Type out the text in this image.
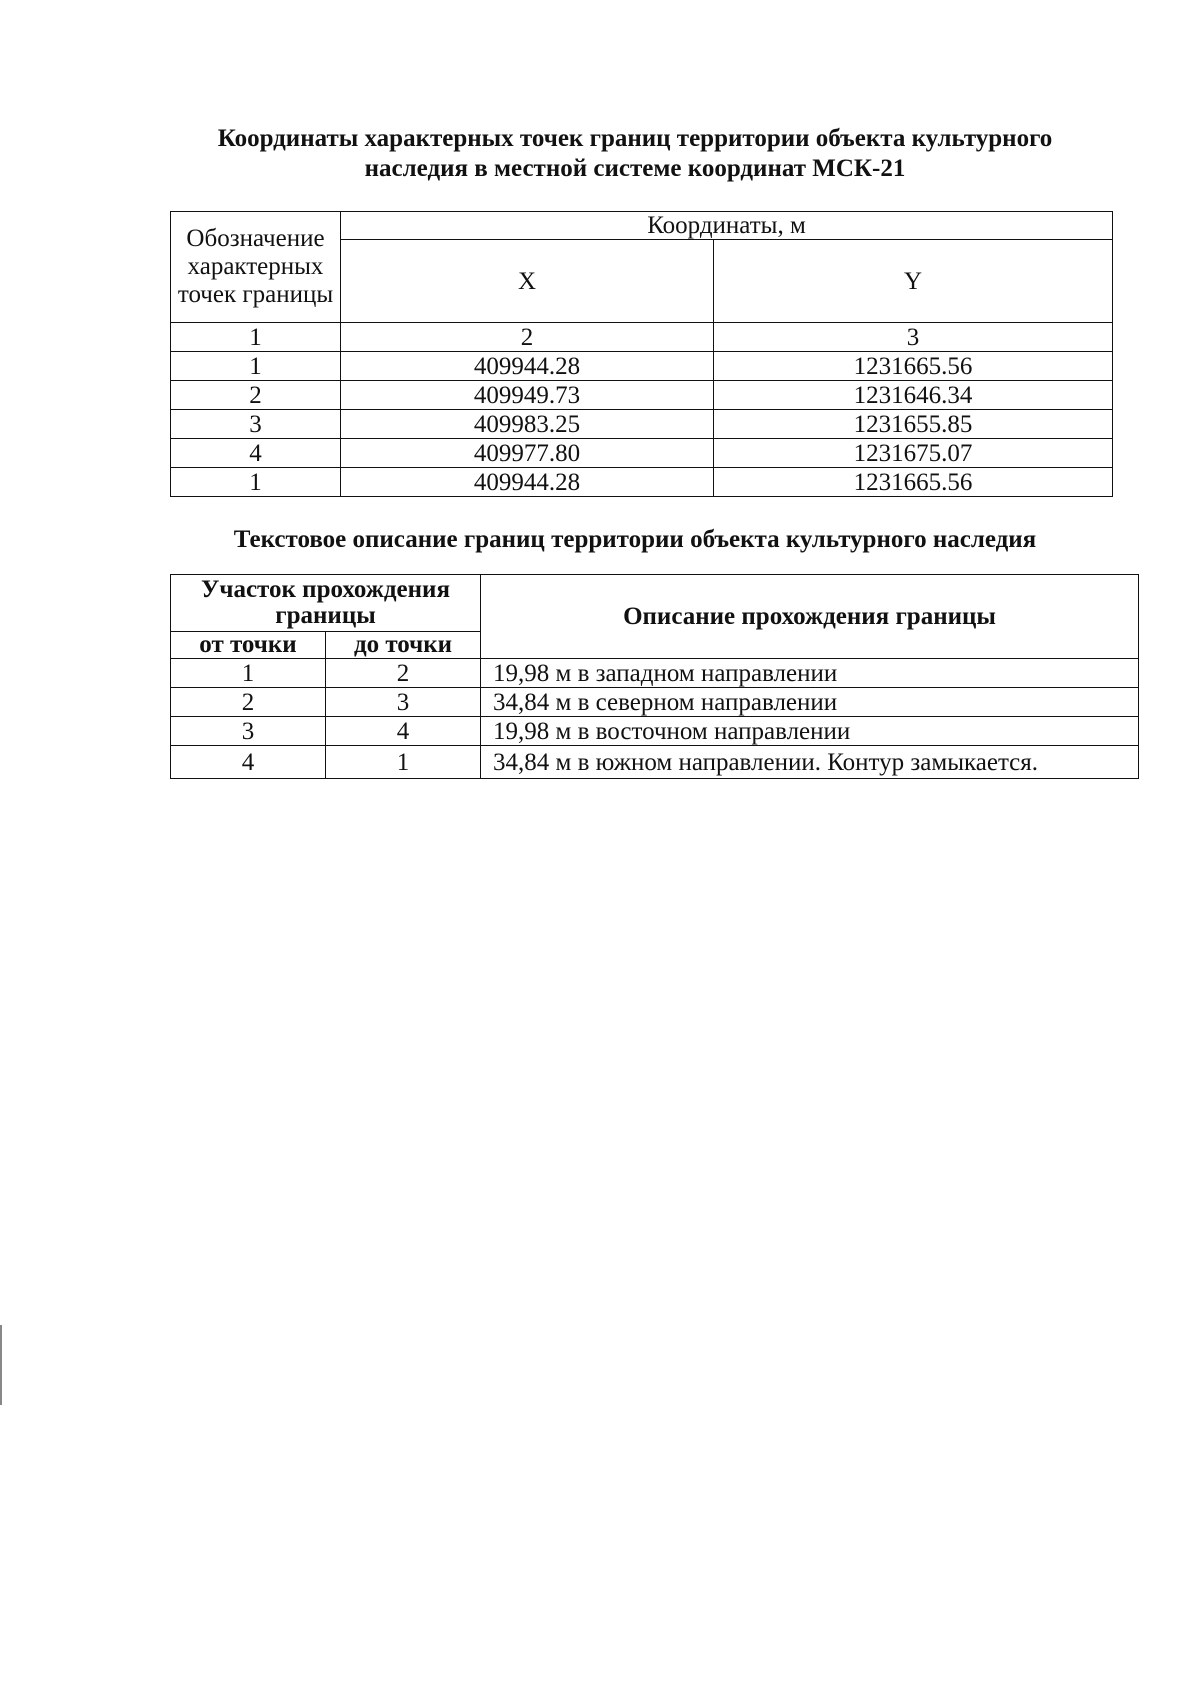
Координаты характерных точек границ территории объекта культурного
наследия в местной системе координат МСК-21
Обозначение характерных точек границы	Координаты, м	
	X	Y
1	2	3
1	409944.28	1231665.56
2	409949.73	1231646.34
3	409983.25	1231655.85
4	409977.80	1231675.07
1	409944.28	1231665.56
Текстовое описание границ территории объекта культурного наследия
Участок прохождения границы		Описание прохождения границы
от точки	до точки	
1	2	19,98 м в западном направлении
2	3	34,84 м в северном направлении
3	4	19,98 м в восточном направлении
4	1	34,84 м в южном направлении. Контур замыкается.
